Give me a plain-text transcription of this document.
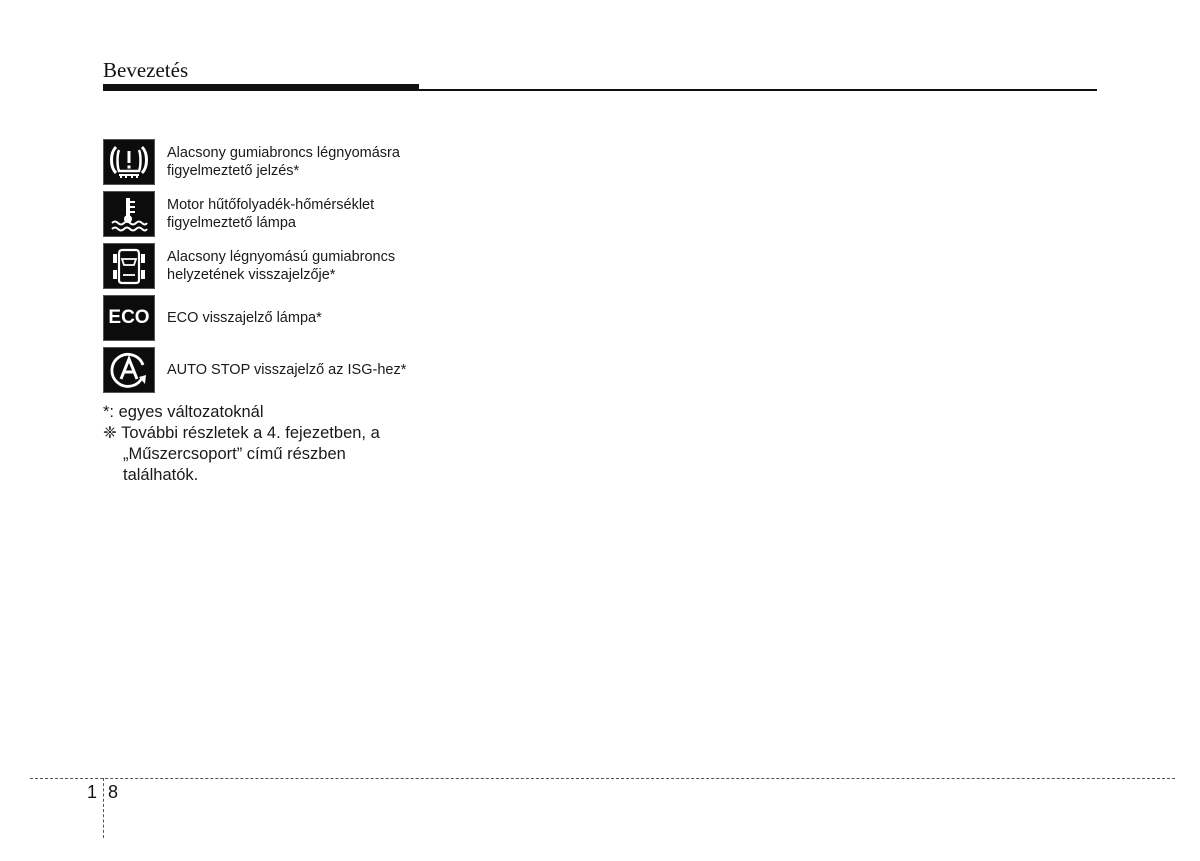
Bevezetés
Alacsony gumiabroncs légnyomásra
figyelmeztető jelzés*
Motor hűtőfolyadék-hőmérséklet
figyelmeztető lámpa
Alacsony légnyomású gumiabroncs
helyzetének visszajelzője*
ECO ECO visszajelző lámpa*
AUTO STOP visszajelző az ISG-hez*
*: egyes változatoknál
❈ További részletek a 4. fejezetben, a
„Műszercsoport” című részben
találhatók.
1 8
